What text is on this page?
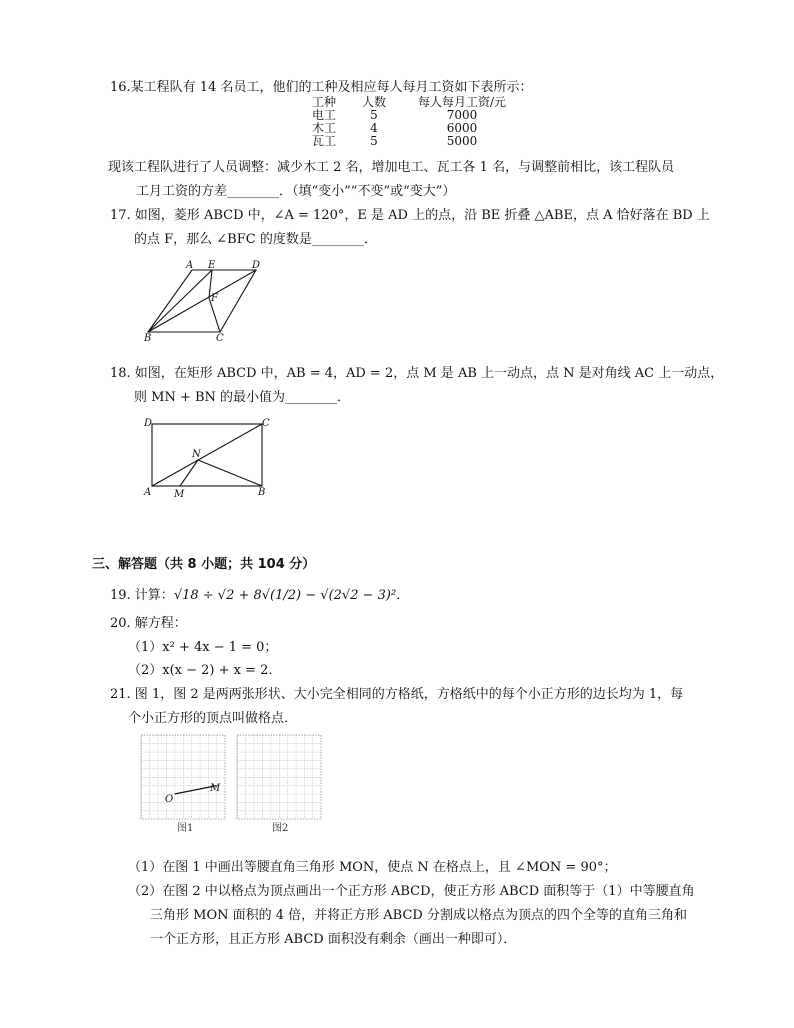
16.某工程队有 14 名员工，他们的工种及相应每人每月工资如下表所示：
工种	人数	每人每月工资/元
电工	5	7000
木工	4	6000
瓦工	5	5000
现该工程队进行了人员调整：减少木工 2 名，增加电工、瓦工各 1 名，与调整前相比，该工程队员
工月工资的方差________．（填“变小”“不变”或“变大”）
17. 如图，菱形 ABCD 中，∠A = 120°，E 是 AD 上的点，沿 BE 折叠 △ABE，点 A 恰好落在 BD 上
的点 F，那么 ∠BFC 的度数是________．
A E	D
F
B	C
18. 如图，在矩形 ABCD 中，AB = 4，AD = 2，点 M 是 AB 上一动点，点 N 是对角线 AC 上一动点，
则 MN + BN 的最小值为________．
D	C
N
A M	B
三、解答题（共 8 小题；共 104 分）
19. 计算：√18 ÷ √2 + 8√(1/2) − √(2√2 − 3)²．
20. 解方程：
（1）x² + 4x − 1 = 0；
（2）x(x − 2) + x = 2．
21. 图 1，图 2 是两两张形状、大小完全相同的方格纸，方格纸中的每个小正方形的边长均为 1，每
个小正方形的顶点叫做格点．
O
M
图1	图2
（1）在图 1 中画出等腰直角三角形 MON，使点 N 在格点上，且 ∠MON = 90°；
（2）在图 2 中以格点为顶点画出一个正方形 ABCD，使正方形 ABCD 面积等于（1）中等腰直角
三角形 MON 面积的 4 倍，并将正方形 ABCD 分割成以格点为顶点的四个全等的直角三角和
一个正方形，且正方形 ABCD 面积没有剩余（画出一种即可）．
